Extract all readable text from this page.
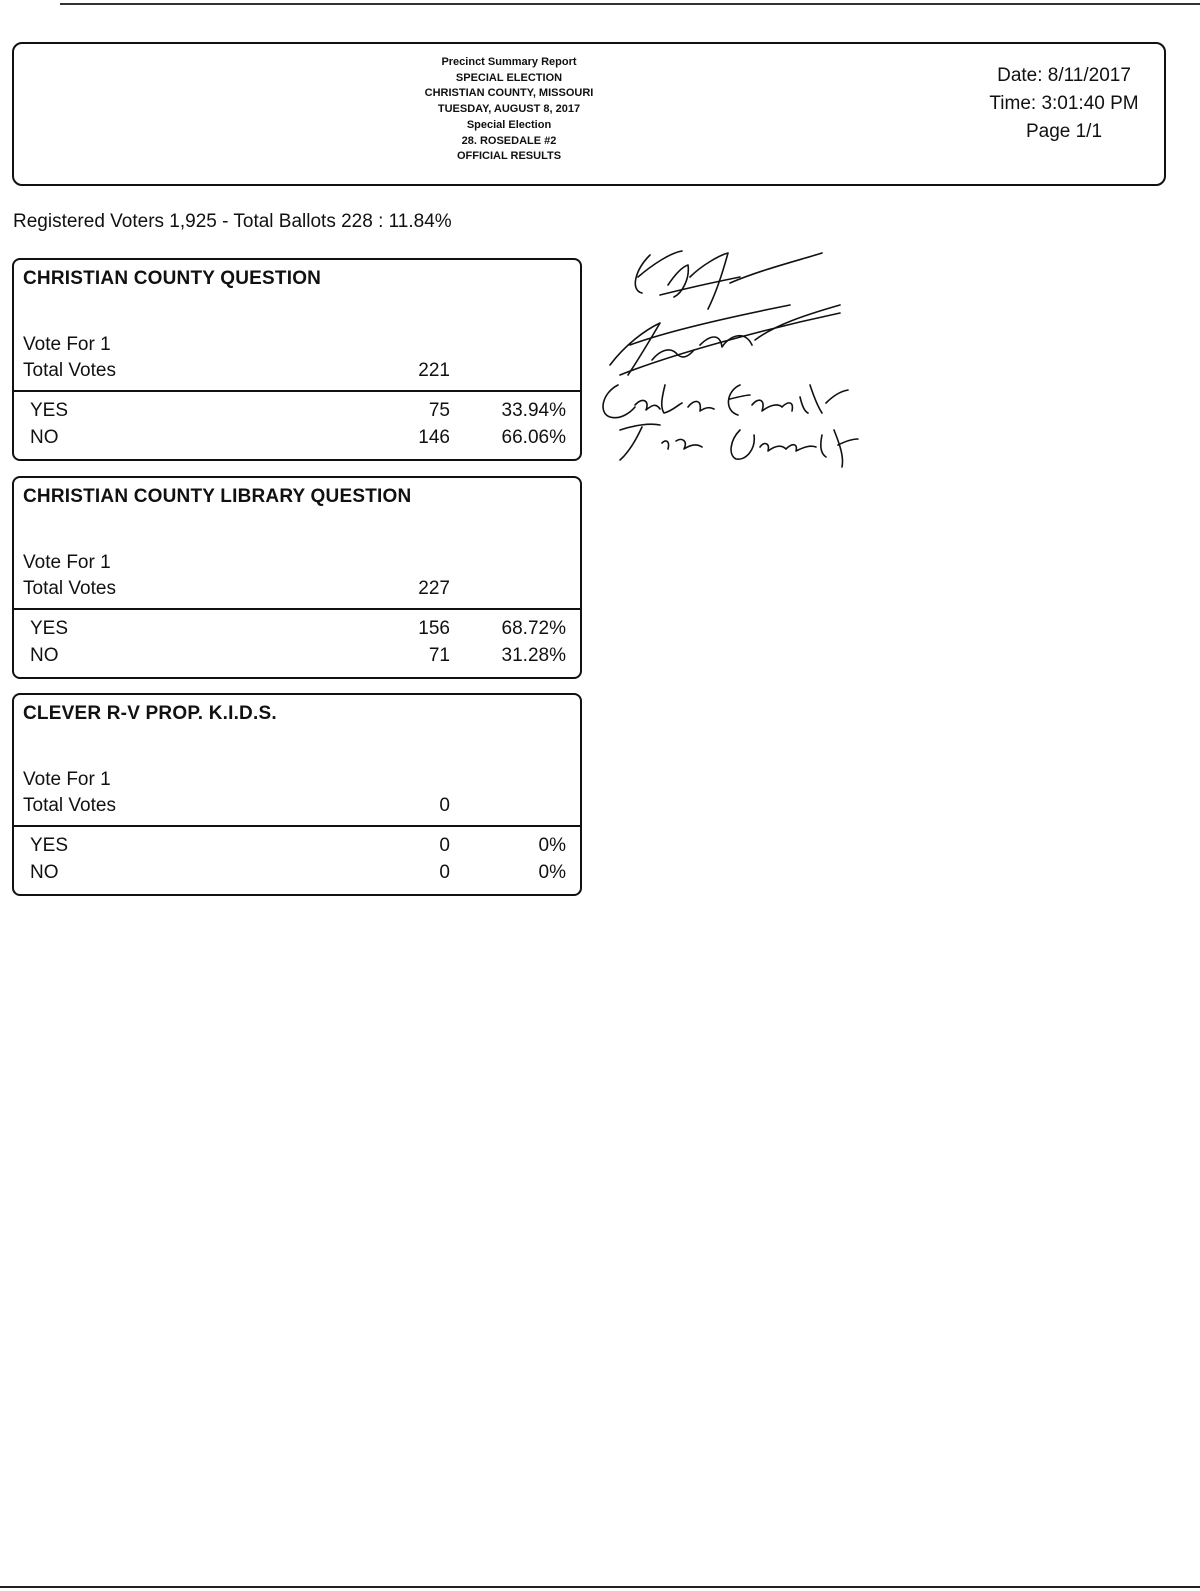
Precinct Summary Report
SPECIAL ELECTION
CHRISTIAN COUNTY, MISSOURI
TUESDAY, AUGUST 8, 2017
Special Election
28. ROSEDALE #2
OFFICIAL RESULTS
Date: 8/11/2017
Time: 3:01:40 PM
Page 1/1
Registered Voters 1,925 - Total Ballots 228 : 11.84%
CHRISTIAN COUNTY QUESTION
Vote For 1
Total Votes	221
YES	75	33.94%
NO	146	66.06%
CHRISTIAN COUNTY LIBRARY QUESTION
Vote For 1
Total Votes	227
YES	156	68.72%
NO	71	31.28%
CLEVER R-V PROP. K.I.D.S.
Vote For 1
Total Votes	0
YES	0	0%
NO	0	0%
